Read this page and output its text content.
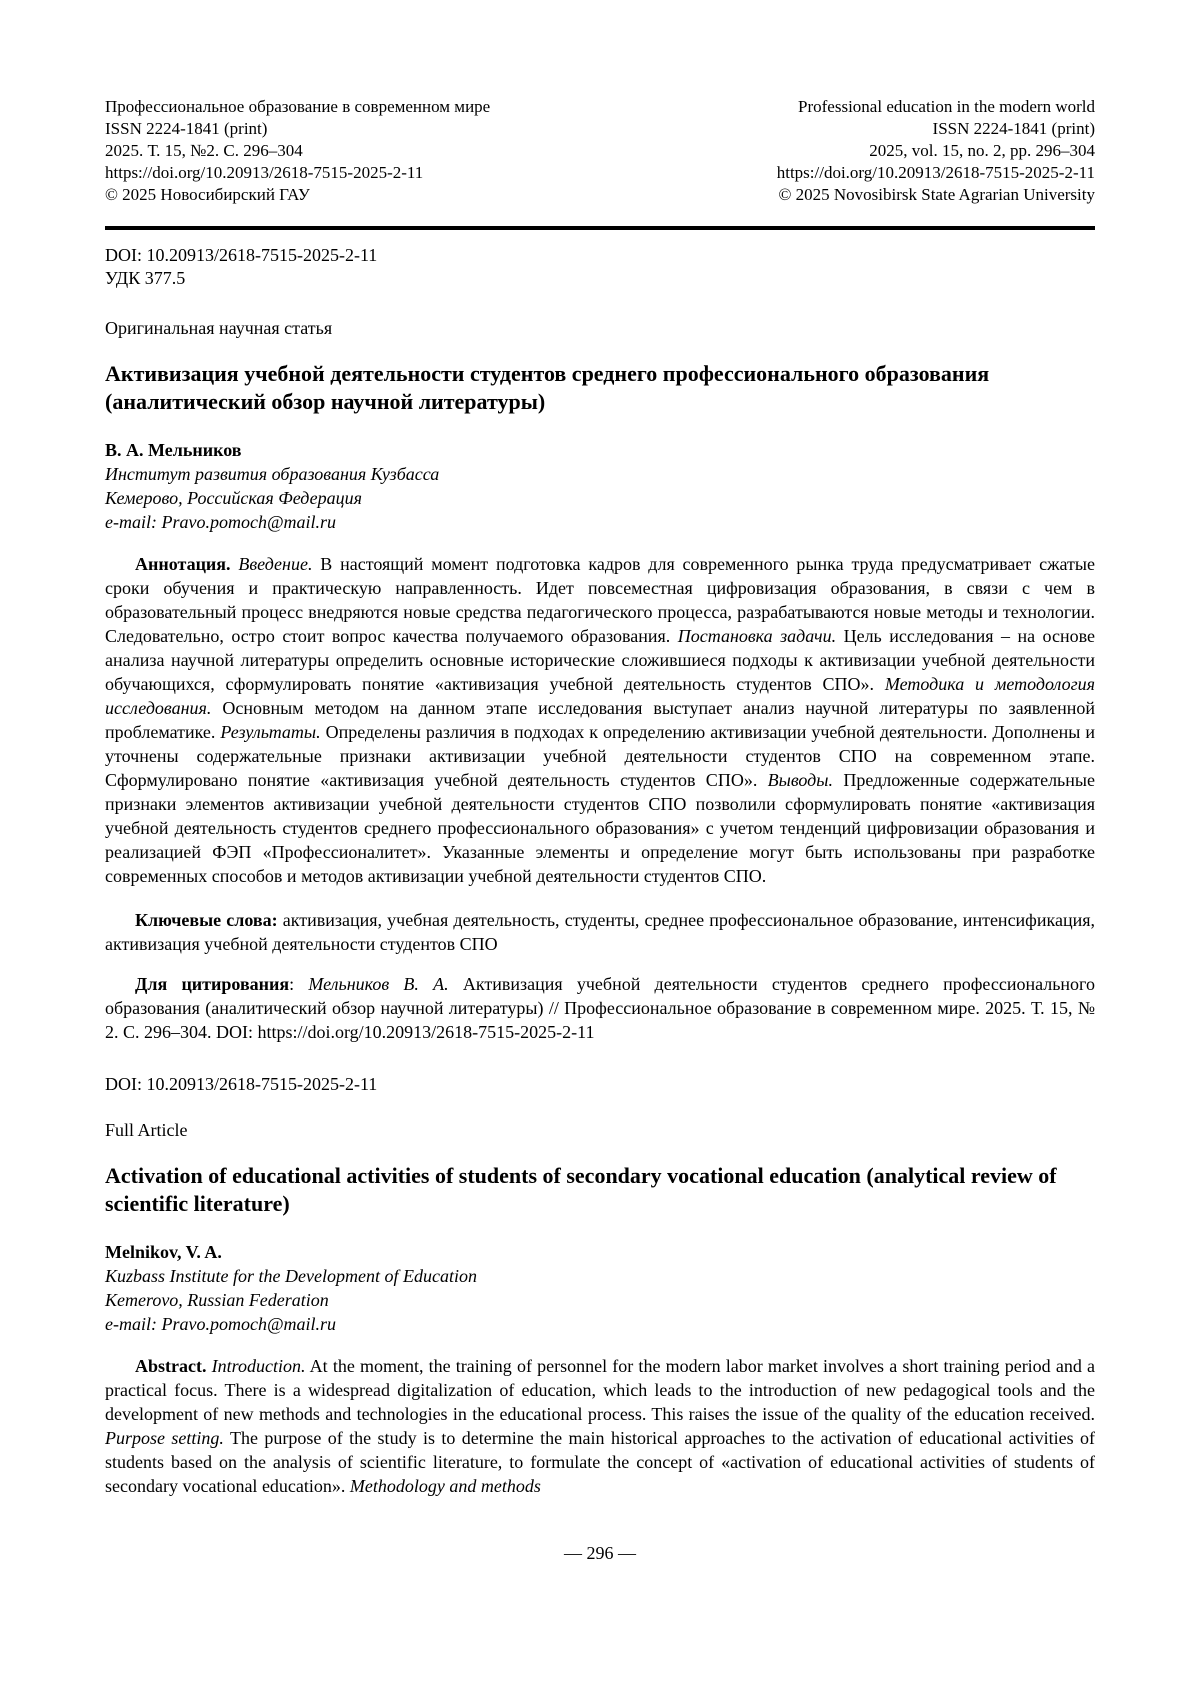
Профессиональное образование в современном мире
ISSN 2224-1841 (print)
2025. Т. 15, №2. С. 296–304
https://doi.org/10.20913/2618-7515-2025-2-11
© 2025 Новосибирский ГАУ
Professional education in the modern world
ISSN 2224-1841 (print)
2025, vol. 15, no. 2, pp. 296–304
https://doi.org/10.20913/2618-7515-2025-2-11
© 2025 Novosibirsk State Agrarian University
DOI: 10.20913/2618-7515-2025-2-11
УДК 377.5
Оригинальная научная статья
Активизация учебной деятельности студентов среднего профессионального образования (аналитический обзор научной литературы)
В. А. Мельников
Институт развития образования Кузбасса
Кемерово, Российская Федерация
e-mail: Pravo.pomoch@mail.ru

Аннотация. Введение. В настоящий момент подготовка кадров для современного рынка труда предусматривает сжатые сроки обучения и практическую направленность. Идет повсеместная цифровизация образования, в связи с чем в образовательный процесс внедряются новые средства педагогического процесса, разрабатываются новые методы и технологии. Следовательно, остро стоит вопрос качества получаемого образования. Постановка задачи. Цель исследования – на основе анализа научной литературы определить основные исторические сложившиеся подходы к активизации учебной деятельности обучающихся, сформулировать понятие «активизация учебной деятельность студентов СПО». Методика и методология исследования. Основным методом на данном этапе исследования выступает анализ научной литературы по заявленной проблематике. Результаты. Определены различия в подходах к определению активизации учебной деятельности. Дополнены и уточнены содержательные признаки активизации учебной деятельности студентов СПО на современном этапе. Сформулировано понятие «активизация учебной деятельность студентов СПО». Выводы. Предложенные содержательные признаки элементов активизации учебной деятельности студентов СПО позволили сформулировать понятие «активизация учебной деятельность студентов среднего профессионального образования» с учетом тенденций цифровизации образования и реализацией ФЭП «Профессионалитет». Указанные элементы и определение могут быть использованы при разработке современных способов и методов активизации учебной деятельности студентов СПО.

Ключевые слова: активизация, учебная деятельность, студенты, среднее профессиональное образование, интенсификация, активизация учебной деятельности студентов СПО

Для цитирования: Мельников В. А. Активизация учебной деятельности студентов среднего профессионального образования (аналитический обзор научной литературы) // Профессиональное образование в современном мире. 2025. Т. 15, № 2. С. 296–304. DOI: https://doi.org/10.20913/2618-7515-2025-2-11

DOI: 10.20913/2618-7515-2025-2-11
Full Article
Activation of educational activities of students of secondary vocational education (analytical review of scientific literature)
Melnikov, V. A.
Kuzbass Institute for the Development of Education
Kemerovo, Russian Federation
e-mail: Pravo.pomoch@mail.ru

Abstract. Introduction. At the moment, the training of personnel for the modern labor market involves a short training period and a practical focus. There is a widespread digitalization of education, which leads to the introduction of new pedagogical tools and the development of new methods and technologies in the educational process. This raises the issue of the quality of the education received. Purpose setting. The purpose of the study is to determine the main historical approaches to the activation of educational activities of students based on the analysis of scientific literature, to formulate the concept of «activation of educational activities of students of secondary vocational education». Methodology and methods

— 296 —
